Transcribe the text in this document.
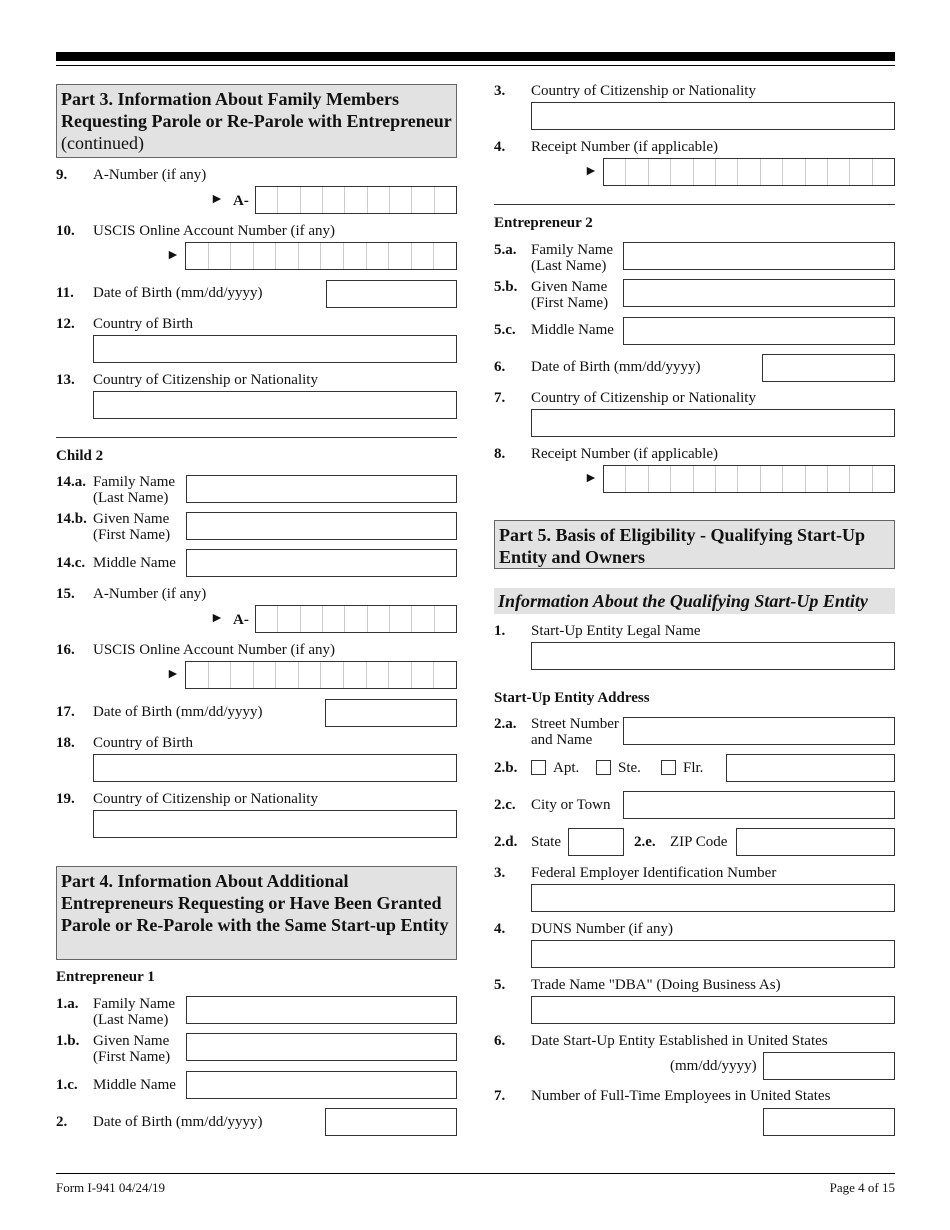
Part 3. Information About Family Members Requesting Parole or Re-Parole with Entrepreneur (continued)
9. A-Number (if any)
► A-
10. USCIS Online Account Number (if any)
►
11. Date of Birth (mm/dd/yyyy)
12. Country of Birth
13. Country of Citizenship or Nationality
Child 2
14.a. Family Name
(Last Name)
14.b. Given Name
(First Name)
14.c. Middle Name
15. A-Number (if any)
► A-
16. USCIS Online Account Number (if any)
►
17. Date of Birth (mm/dd/yyyy)
18. Country of Birth
19. Country of Citizenship or Nationality
Part 4. Information About Additional Entrepreneurs Requesting or Have Been Granted Parole or Re-Parole with the Same Start-up Entity
Entrepreneur 1
1.a. Family Name
(Last Name)
1.b. Given Name
(First Name)
1.c. Middle Name
2. Date of Birth (mm/dd/yyyy)
3. Country of Citizenship or Nationality
4. Receipt Number (if applicable)
►
Entrepreneur 2
5.a. Family Name
(Last Name)
5.b. Given Name
(First Name)
5.c. Middle Name
6. Date of Birth (mm/dd/yyyy)
7. Country of Citizenship or Nationality
8. Receipt Number (if applicable)
►
Part 5. Basis of Eligibility - Qualifying Start-Up Entity and Owners
Information About the Qualifying Start-Up Entity
1. Start-Up Entity Legal Name
Start-Up Entity Address
2.a. Street Number
and Name
2.b. Apt.	Ste.	Flr.
2.c. City or Town
2.d. State	2.e. ZIP Code
3. Federal Employer Identification Number
4. DUNS Number (if any)
5. Trade Name "DBA" (Doing Business As)
6. Date Start-Up Entity Established in United States
(mm/dd/yyyy)
7. Number of Full-Time Employees in United States
Form I-941 04/24/19	Page 4 of 15
